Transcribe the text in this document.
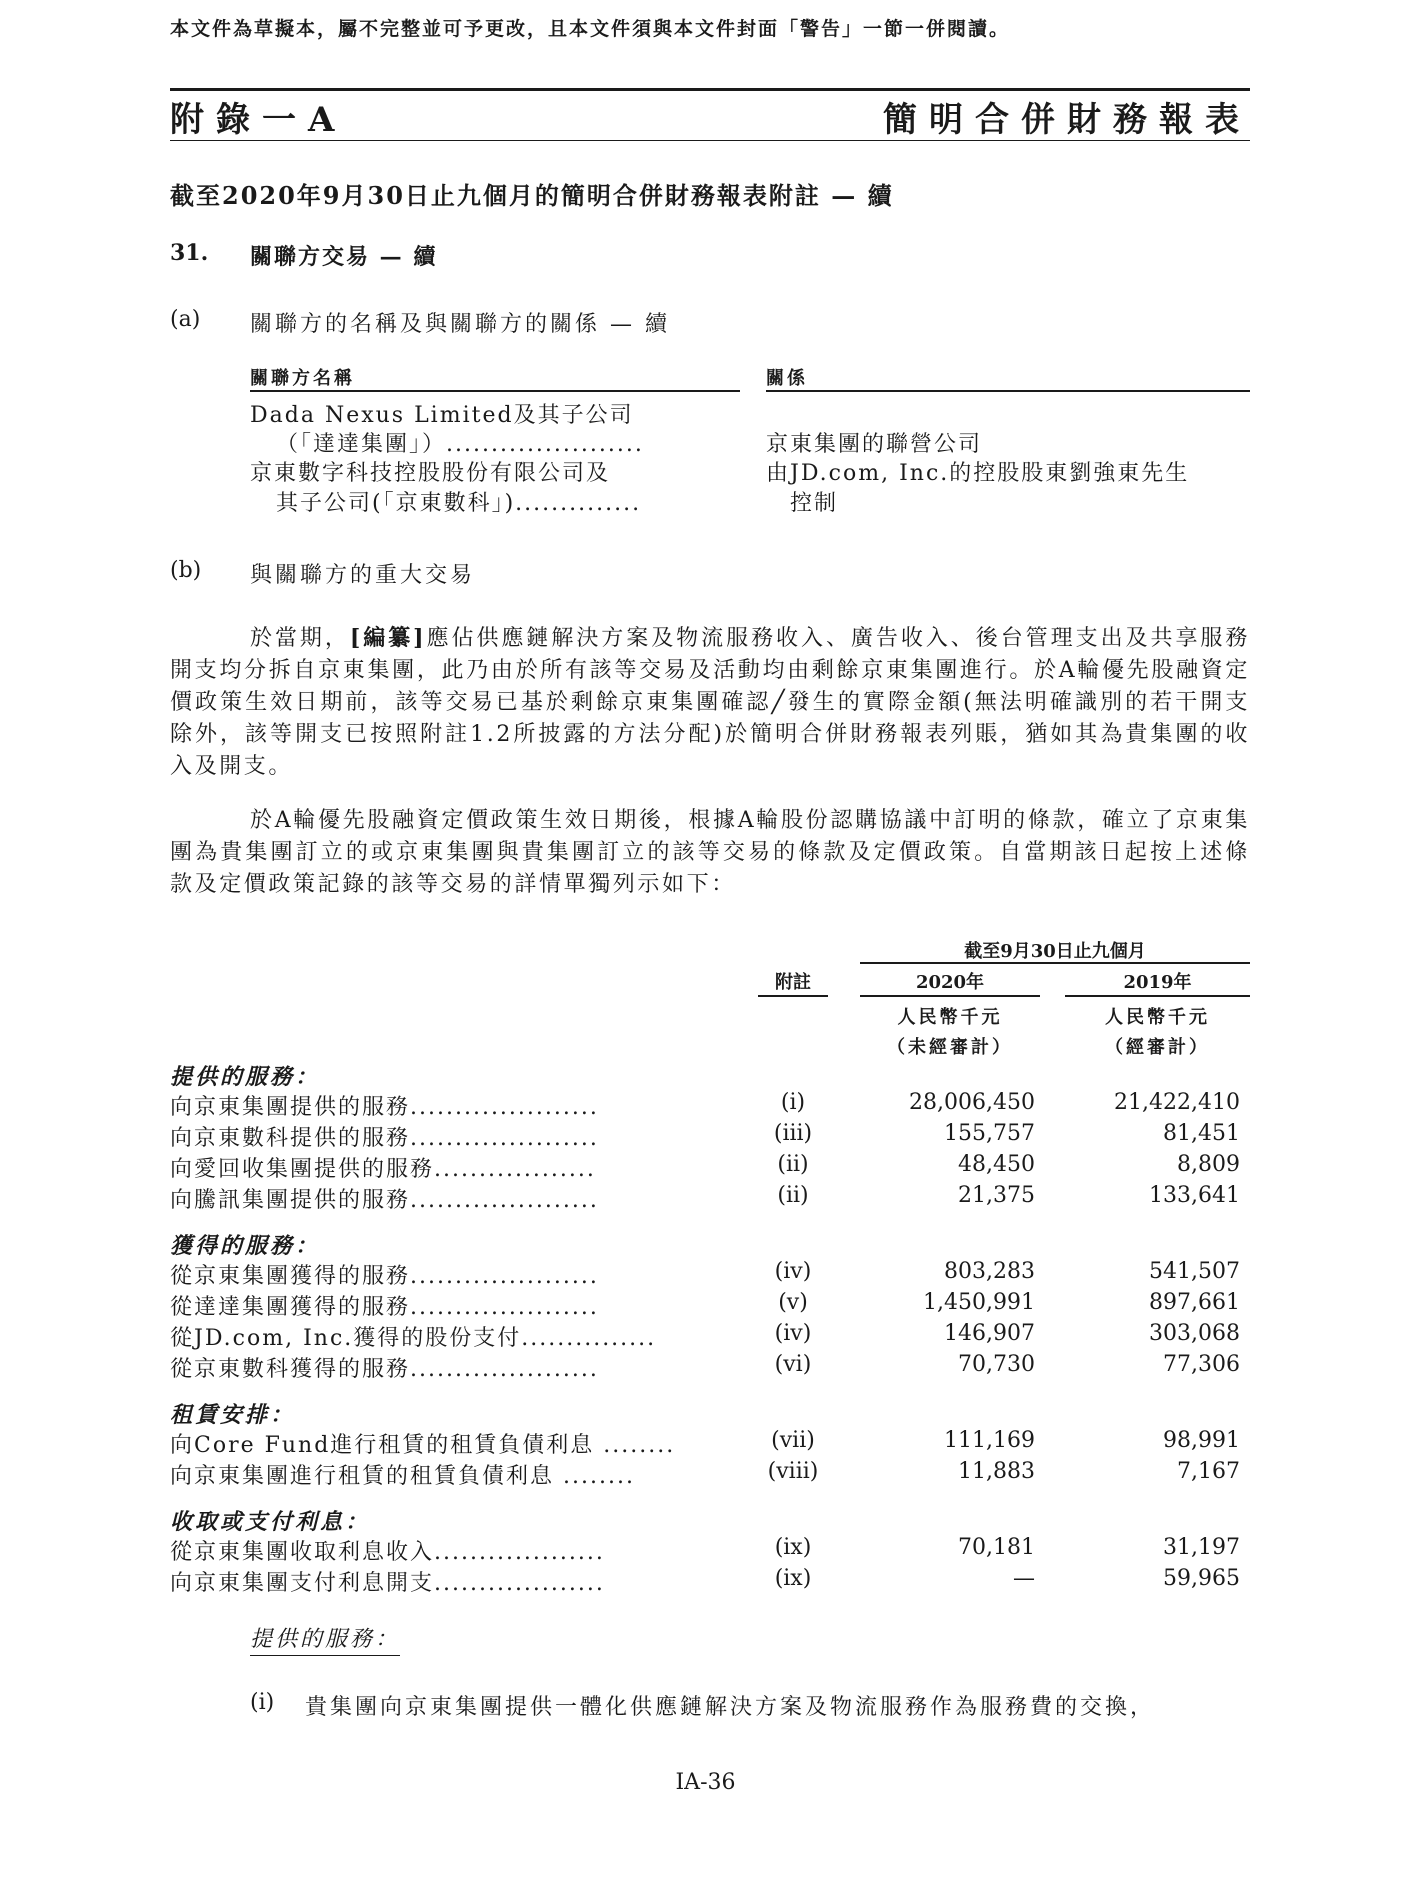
本文件為草擬本，屬不完整並可予更改，且本文件須與本文件封面「警告」一節一併閱讀。
附錄一A	簡明合併財務報表
截至2020年9月30日止九個月的簡明合併財務報表附註 — 續
31. 關聯方交易 — 續
(a) 關聯方的名稱及與關聯方的關係 — 續
關聯方名稱	關係
Dada Nexus Limited及其子公司
（「達達集團」）......................	京東集團的聯營公司
京東數字科技控股股份有限公司及	由JD.com, Inc.的控股股東劉強東先生
其子公司(「京東數科」)..............	控制
(b) 與關聯方的重大交易

於當期，[編纂]應佔供應鏈解決方案及物流服務收入、廣告收入、後台管理支出及共享服務開支均分拆自京東集團，此乃由於所有該等交易及活動均由剩餘京東集團進行。於A輪優先股融資定價政策生效日期前，該等交易已基於剩餘京東集團確認╱發生的實際金額(無法明確識別的若干開支除外，該等開支已按照附註1.2所披露的方法分配)於簡明合併財務報表列賬，猶如其為貴集團的收入及開支。

於A輪優先股融資定價政策生效日期後，根據A輪股份認購協議中訂明的條款，確立了京東集團為貴集團訂立的或京東集團與貴集團訂立的該等交易的條款及定價政策。自當期該日起按上述條款及定價政策記錄的該等交易的詳情單獨列示如下：

截至9月30日止九個月
附註	2020年	2019年
人民幣千元
（未經審計）
人民幣千元
（經審計）
提供的服務：
向京東集團提供的服務.....................	(i)	28,006,450	21,422,410
向京東數科提供的服務.....................	(iii)	155,757	81,451
向愛回收集團提供的服務..................	(ii)	48,450	8,809
向騰訊集團提供的服務.....................	(ii)	21,375	133,641
獲得的服務：
從京東集團獲得的服務.....................	(iv)	803,283	541,507
從達達集團獲得的服務.....................	(v)	1,450,991	897,661
從JD.com, Inc.獲得的股份支付...............	(iv)	146,907	303,068
從京東數科獲得的服務.....................	(vi)	70,730	77,306
租賃安排：
向Core Fund進行租賃的租賃負債利息 ........	(vii)	111,169	98,991
向京東集團進行租賃的租賃負債利息 ........	(viii)	11,883	7,167
收取或支付利息：
從京東集團收取利息收入...................	(ix)	70,181	31,197
向京東集團支付利息開支...................	(ix)	—	59,965
提供的服務：
(i) 貴集團向京東集團提供一體化供應鏈解決方案及物流服務作為服務費的交換，
IA-36
